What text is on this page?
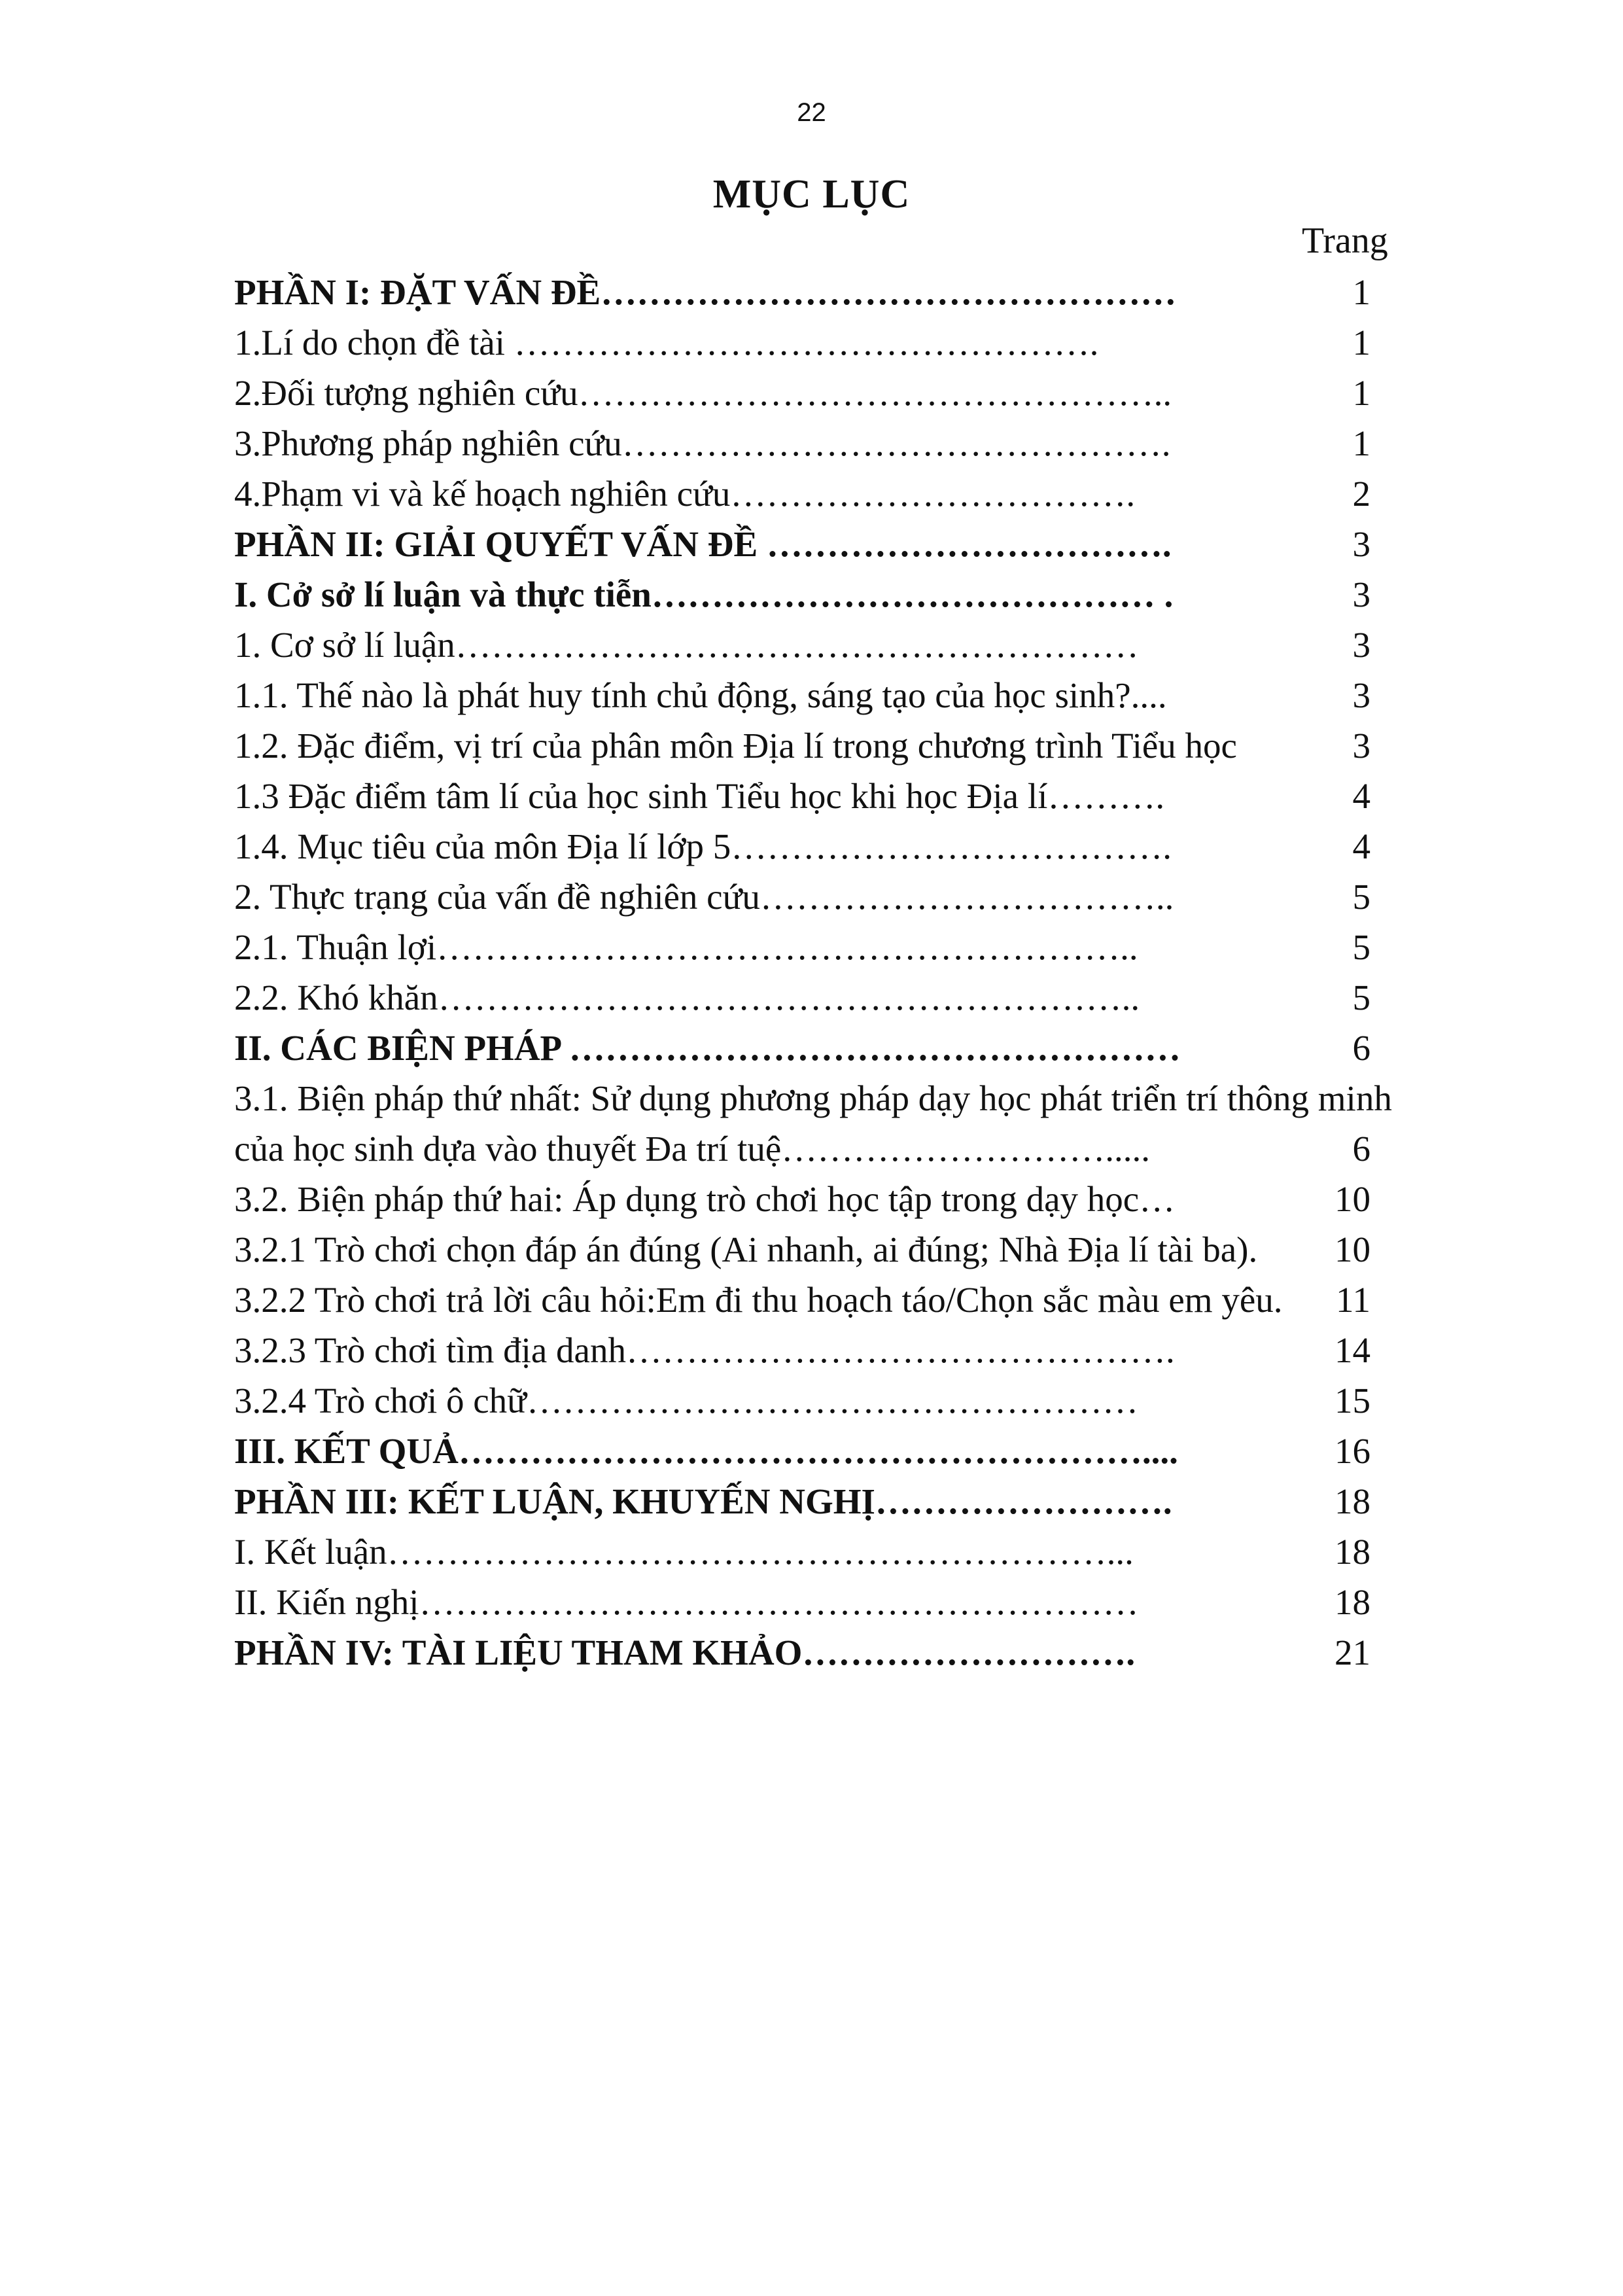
22
MỤC LỤC
Trang
PHẦN I: ĐẶT VẤN ĐỀ…………………………………………	1
1.Lí do chọn đề tài ………………………………………….	1
2.Đối tượng nghiên cứu…………………………………………..	1
3.Phương pháp nghiên cứu……………………………………….	1
4.Phạm vi và kế hoạch nghiên cứu…………………………….	2
PHẦN II: GIẢI QUYẾT VẤN ĐỀ …………………………….	3
I. Cở sở lí luận và thực tiễn…………………………………… .	3
1. Cơ sở lí luận…………………………………………………	3
1.1. Thế nào là phát huy tính chủ động, sáng tạo của học sinh?....	3
1.2. Đặc điểm, vị trí của phân môn Địa lí trong chương trình Tiểu học	3
1.3 Đặc điểm tâm lí của học sinh Tiểu học khi học Địa lí……….	4
1.4. Mục tiêu của môn Địa lí lớp 5……………………………….	4
2. Thực trạng của vấn đề nghiên cứu……………………………..	5
2.1. Thuận lợi…………………………………………………..	5
2.2. Khó khăn…………………………………………………..	5
II. CÁC BIỆN PHÁP ……………………………………………	6
3.1. Biện pháp thứ nhất: Sử dụng phương pháp dạy học phát triển trí thông minh
của học sinh dựa vào thuyết Đa trí tuệ……………………….....	6
3.2. Biện pháp thứ hai: Áp dụng trò chơi học tập trong dạy học…	10
3.2.1 Trò chơi chọn đáp án đúng (Ai nhanh, ai đúng; Nhà Địa lí tài ba). 10
3.2.2 Trò chơi trả lời câu hỏi:Em đi thu hoạch táo/Chọn sắc màu em yêu. 11
3.2.3 Trò chơi tìm địa danh……………………………………….	14
3.2.4 Trò chơi ô chữ……………………………………………	15
III. KẾT QUẢ…………………………………………………....	16
PHẦN III: KẾT LUẬN, KHUYẾN NGHỊ…………………….	18
I. Kết luận……………………………………………………...	18
II. Kiến nghị……………………………………………………	18
PHẦN IV: TÀI LIỆU THAM KHẢO……………………….	21
